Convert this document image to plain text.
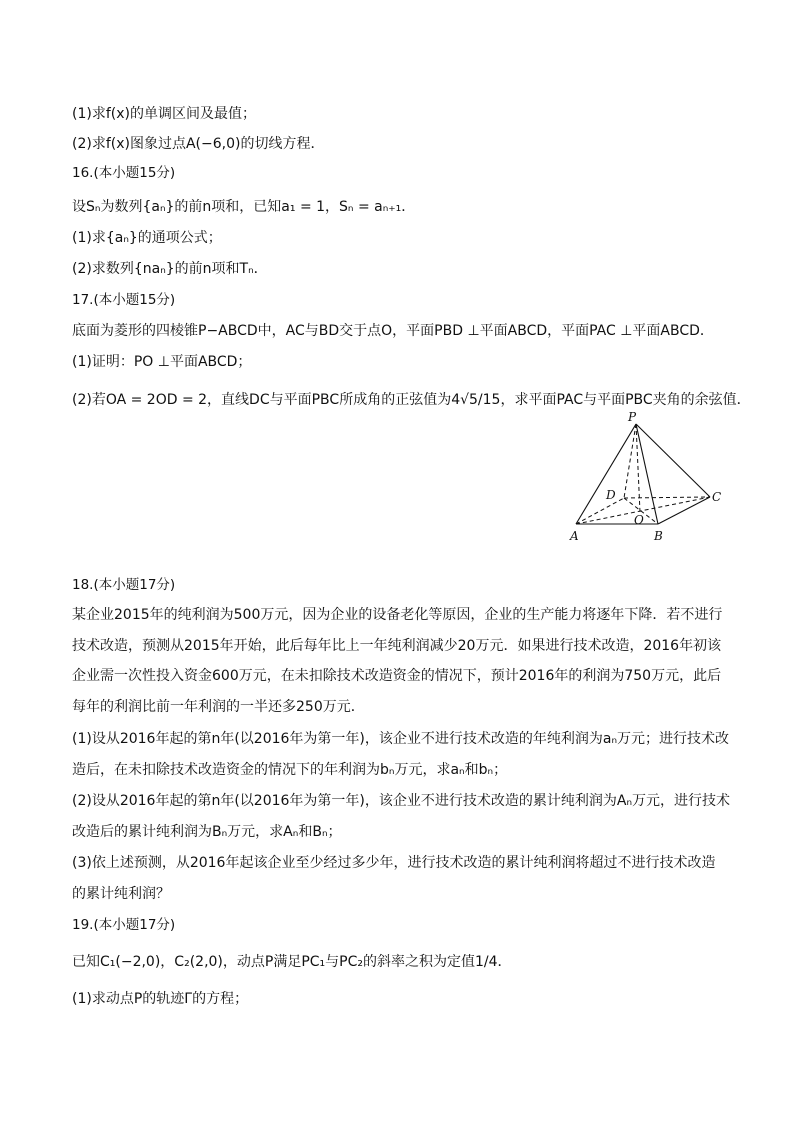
(1)求f(x)的单调区间及最值；
(2)求f(x)图象过点A(−6,0)的切线方程．
16.(本小题15分)
设Sₙ为数列{aₙ}的前n项和，已知a₁ = 1，Sₙ = aₙ₊₁．
(1)求{aₙ}的通项公式；
(2)求数列{naₙ}的前n项和Tₙ．
17.(本小题15分)
底面为菱形的四棱锥P−ABCD中，AC与BD交于点O，平面PBD ⊥平面ABCD，平面PAC ⊥平面ABCD．
(1)证明：PO ⊥平面ABCD；
(2)若OA = 2OD = 2，直线DC与平面PBC所成角的正弦值为4√5/15，求平面PAC与平面PBC夹角的余弦值．
P
A	B
C
D
O
18.(本小题17分)
某企业2015年的纯利润为500万元，因为企业的设备老化等原因，企业的生产能力将逐年下降．若不进行
技术改造，预测从2015年开始，此后每年比上一年纯利润减少20万元．如果进行技术改造，2016年初该
企业需一次性投入资金600万元，在未扣除技术改造资金的情况下，预计2016年的利润为750万元，此后
每年的利润比前一年利润的一半还多250万元．
(1)设从2016年起的第n年(以2016年为第一年)，该企业不进行技术改造的年纯利润为aₙ万元；进行技术改
造后，在未扣除技术改造资金的情况下的年利润为bₙ万元，求aₙ和bₙ；
(2)设从2016年起的第n年(以2016年为第一年)，该企业不进行技术改造的累计纯利润为Aₙ万元，进行技术
改造后的累计纯利润为Bₙ万元，求Aₙ和Bₙ；
(3)依上述预测，从2016年起该企业至少经过多少年，进行技术改造的累计纯利润将超过不进行技术改造
的累计纯利润？
19.(本小题17分)
已知C₁(−2,0)，C₂(2,0)，动点P满足PC₁与PC₂的斜率之积为定值1/4．
(1)求动点P的轨迹Γ的方程；
